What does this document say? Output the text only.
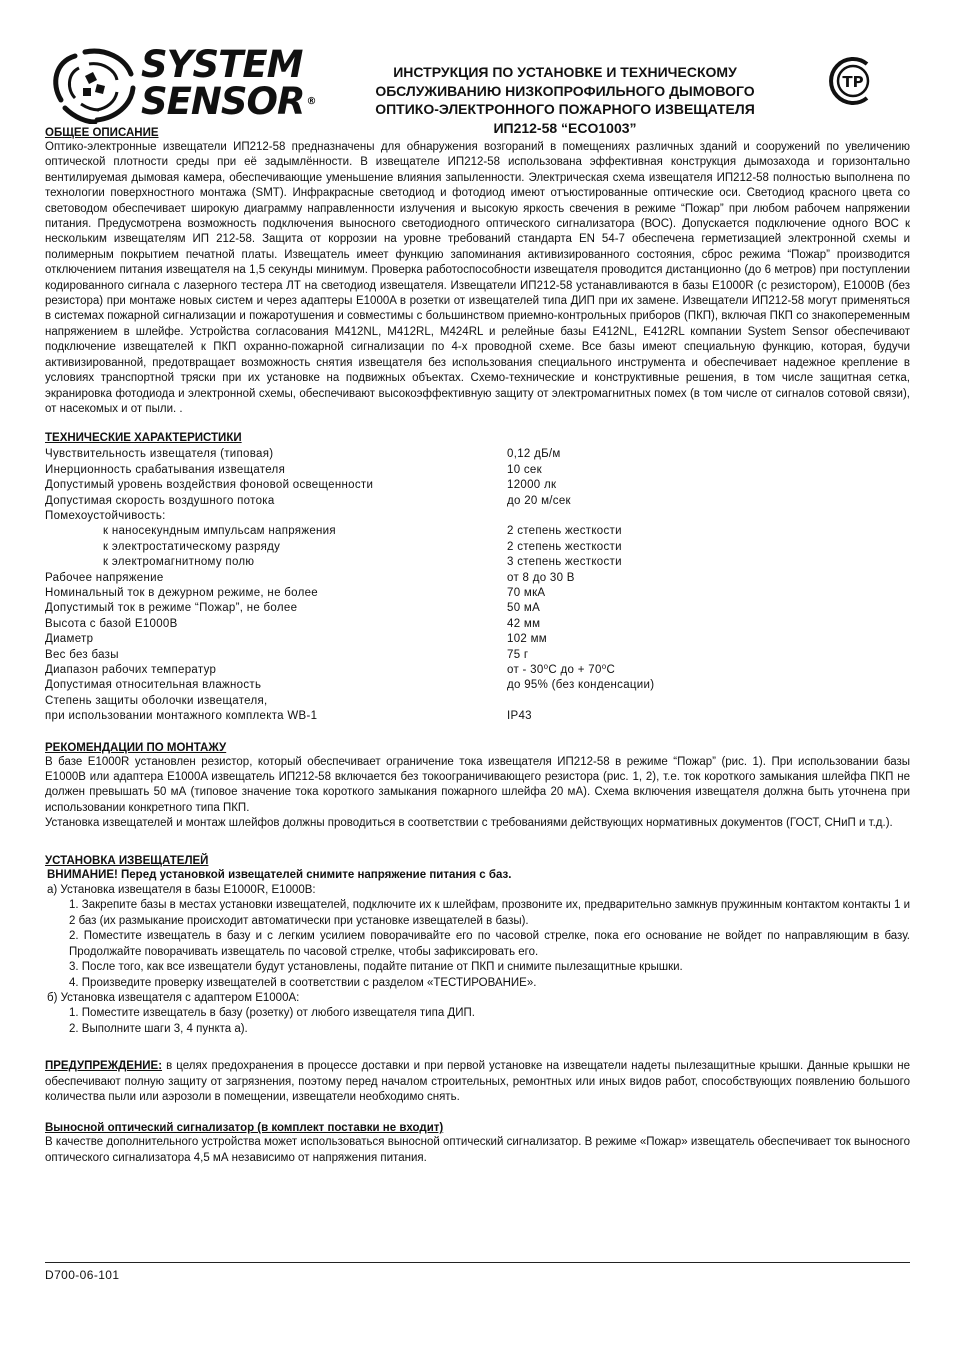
SYSTEM
SENSOR ®
ИНСТРУКЦИЯ ПО УСТАНОВКЕ И ТЕХНИЧЕСКОМУ
ОБСЛУЖИВАНИЮ НИЗКОПРОФИЛЬНОГО ДЫМОВОГО
ОПТИКО-ЭЛЕКТРОННОГО ПОЖАРНОГО ИЗВЕЩАТЕЛЯ
ИП212-58 “ECO1003”
ТР
ОБЩЕЕ ОПИСАНИЕ

Оптико-электронные извещатели ИП212-58 предназначены для обнаружения возгораний в помещениях различных зданий и сооружений по увеличению оптической плотности среды при её задымлённости. В извещателе ИП212-58 использована эффективная конструкция дымозахода и горизонтально вентилируемая дымовая камера, обеспечивающие уменьшение влияния запыленности. Электрическая схема извещателя ИП212-58 полностью выполнена по технологии поверхностного монтажа (SMT). Инфракрасные светодиод и фотодиод имеют отъюстированные оптические оси. Светодиод красного цвета со световодом обеспечивает широкую диаграмму направленности излучения и высокую яркость свечения в режиме “Пожар” при любом рабочем напряжении питания. Предусмотрена возможность подключения выносного светодиодного оптического сигнализатора (ВОС). Допускается подключение одного ВОС к нескольким извещателям ИП 212-58. Защита от коррозии на уровне требований стандарта EN 54-7 обеспечена герметизацией электронной схемы и полимерным покрытием печатной платы. Извещатель имеет функцию запоминания активизированного состояния, сброс режима “Пожар” производится отключением питания извещателя на 1,5 секунды минимум. Проверка работоспособности извещателя проводится дистанционно (до 6 метров) при поступлении кодированного сигнала с лазерного тестера ЛТ на светодиод извещателя. Извещатели ИП212-58 устанавливаются в базы E1000R (с резистором), E1000B (без резистора) при монтаже новых систем и через адаптеры E1000A в розетки от извещателей типа ДИП при их замене. Извещатели ИП212-58 могут применяться в системах пожарной сигнализации и пожаротушения и совместимы с большинством приемно-контрольных приборов (ПКП), включая ПКП со знакопеременным напряжением в шлейфе. Устройства согласования M412NL, M412RL, M424RL и релейные базы E412NL, E412RL компании System Sensor обеспечивают подключение извещателей к ПКП охранно-пожарной сигнализации по 4-х проводной схеме. Все базы имеют специальную функцию, которая, будучи активизированной, предотвращает возможность снятия извещателя без использования специального инструмента и обеспечивает надежное крепление в условиях транспортной тряски при их установке на подвижных объектах. Схемо-технические и конструктивные решения, в том числе защитная сетка, экранировка фотодиода и электронной схемы, обеспечивают высокоэффективную защиту от электромагнитных помех (в том числе от сигналов сотовой связи), от насекомых и от пыли. .

ТЕХНИЧЕСКИЕ ХАРАКТЕРИСТИКИ
Чувствительность извещателя (типовая)	0,12 дБ/м
Инерционность срабатывания извещателя	10 сек
Допустимый уровень воздействия фоновой освещенности	12000 лк
Допустимая скорость воздушного потока	до 20 м/сек
Помехоустойчивость:
к наносекундным импульсам напряжения	2 степень жесткости
к электростатическому разряду	2 степень жесткости
к электромагнитному полю	3 степень жесткости
Рабочее напряжение	от 8 до 30 В
Номинальный ток в дежурном режиме, не более	70 мкА
Допустимый ток в режиме “Пожар”, не более	50 мА
Высота с базой E1000B	42 мм
Диаметр	102 мм
Вес без базы	75 г
Диапазон рабочих температур	от - 30⁰C до + 70⁰C
Допустимая относительная влажность	до 95% (без конденсации)
Степень защиты оболочки извещателя,
при использовании монтажного комплекта WB-1	IP43
РЕКОМЕНДАЦИИ ПО МОНТАЖУ

В базе E1000R установлен резистор, который обеспечивает ограничение тока извещателя ИП212-58 в режиме “Пожар” (рис. 1). При использовании базы E1000B или адаптера E1000A извещатель ИП212-58 включается без токоограничивающего резистора (рис. 1, 2), т.е. ток короткого замыкания шлейфа ПКП не должен превышать 50 мА (типовое значение тока короткого замыкания пожарного шлейфа 20 мА). Схема включения извещателя должна быть уточнена при использовании конкретного типа ПКП.

Установка извещателей и монтаж шлейфов должны проводиться в соответствии с требованиями действующих нормативных документов (ГОСТ, СНиП и т.д.).

УСТАНОВКА ИЗВЕЩАТЕЛЕЙ

ВНИМАНИЕ! Перед установкой извещателей снимите напряжение питания с баз.

а) Установка извещателя в базы E1000R, E1000B:

1. Закрепите базы в местах установки извещателей, подключите их к шлейфам, прозвоните их, предварительно замкнув пружинным контактом контакты 1 и 2 баз (их размыкание происходит автоматически при установке извещателей в базы).

2. Поместите извещатель в базу и с легким усилием поворачивайте его по часовой стрелке, пока его основание не войдет по направляющим в базу. Продолжайте поворачивать извещатель по часовой стрелке, чтобы зафиксировать его.

3. После того, как все извещатели будут установлены, подайте питание от ПКП и снимите пылезащитные крышки.

4. Произведите проверку извещателей в соответствии с разделом «ТЕСТИРОВАНИЕ».

б) Установка извещателя с адаптером E1000A:

1. Поместите извещатель в базу (розетку) от любого извещателя типа ДИП.

2. Выполните шаги 3, 4 пункта а).

ПРЕДУПРЕЖДЕНИЕ: в целях предохранения в процессе доставки и при первой установке на извещатели надеты пылезащитные крышки. Данные крышки не обеспечивают полную защиту от загрязнения, поэтому перед началом строительных, ремонтных или иных видов работ, способствующих появлению большого количества пыли или аэрозоли в помещении, извещатели необходимо снять.

Выносной оптический сигнализатор (в комплект поставки не входит)

В качестве дополнительного устройства может использоваться выносной оптический сигнализатор. В режиме «Пожар» извещатель обеспечивает ток выносного оптического сигнализатора 4,5 мА независимо от напряжения питания.

D700-06-101
